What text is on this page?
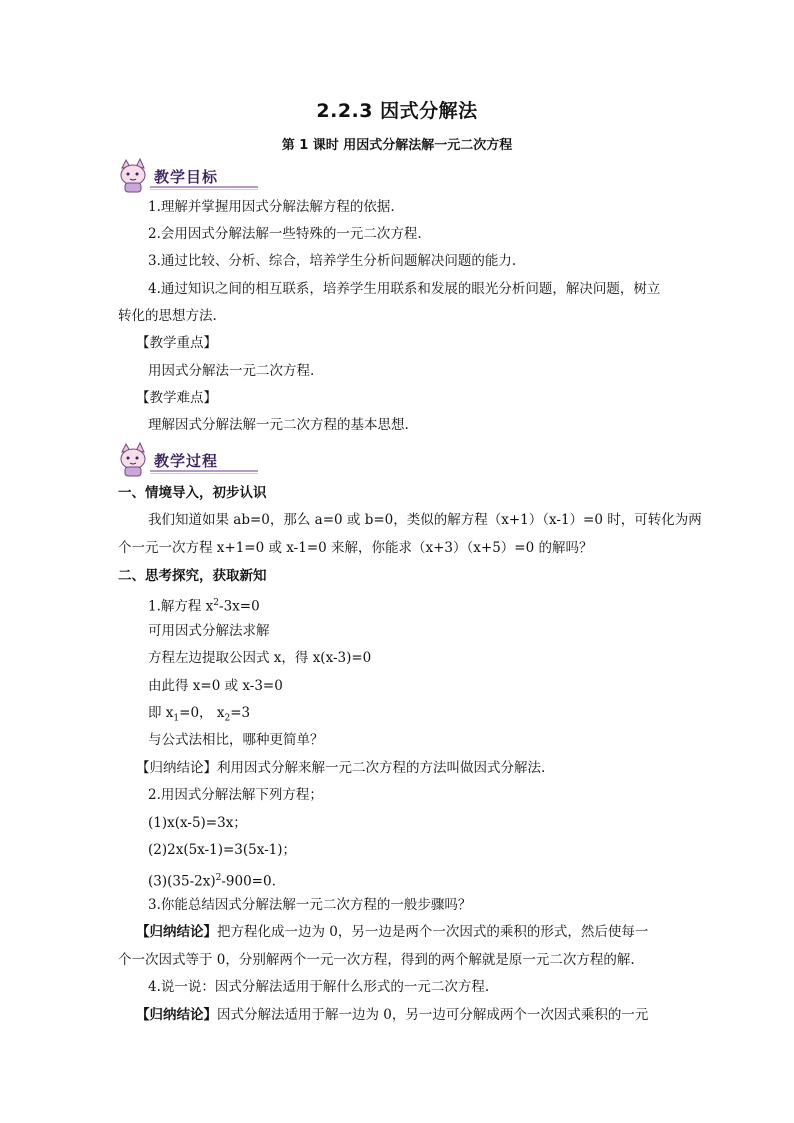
2.2.3 因式分解法
第 1 课时 用因式分解法解一元二次方程
教学目标
1.理解并掌握用因式分解法解方程的依据.
2.会用因式分解法解一些特殊的一元二次方程.
3.通过比较、分析、综合，培养学生分析问题解决问题的能力.
4.通过知识之间的相互联系，培养学生用联系和发展的眼光分析问题，解决问题，树立
转化的思想方法.
【教学重点】
用因式分解法一元二次方程.
【教学难点】
理解因式分解法解一元二次方程的基本思想.
教学过程
一、情境导入，初步认识
我们知道如果 ab=0，那么 a=0 或 b=0，类似的解方程（x+1）（x-1）=0 时，可转化为两
个一元一次方程 x+1=0 或 x-1=0 来解，你能求（x+3）（x+5）=0 的解吗？
二、思考探究，获取新知
1.解方程 $x^2-3x=0$
可用因式分解法求解
方程左边提取公因式 x，得 x(x-3)=0
由此得 x=0 或 x-3=0
即 $x_1=0$， $x_2=3$
与公式法相比，哪种更简单？
【归纳结论】利用因式分解来解一元二次方程的方法叫做因式分解法.
2.用因式分解法解下列方程；
(1)x(x-5)=3x；
(2)2x(5x-1)=3(5x-1)；
$(3)(35-2x)^2-900=0$.
3.你能总结因式分解法解一元二次方程的一般步骤吗？
【归纳结论】把方程化成一边为 0，另一边是两个一次因式的乘积的形式，然后使每一
个一次因式等于 0，分别解两个一元一次方程，得到的两个解就是原一元二次方程的解.
4.说一说：因式分解法适用于解什么形式的一元二次方程.
【归纳结论】因式分解法适用于解一边为 0，另一边可分解成两个一次因式乘积的一元
